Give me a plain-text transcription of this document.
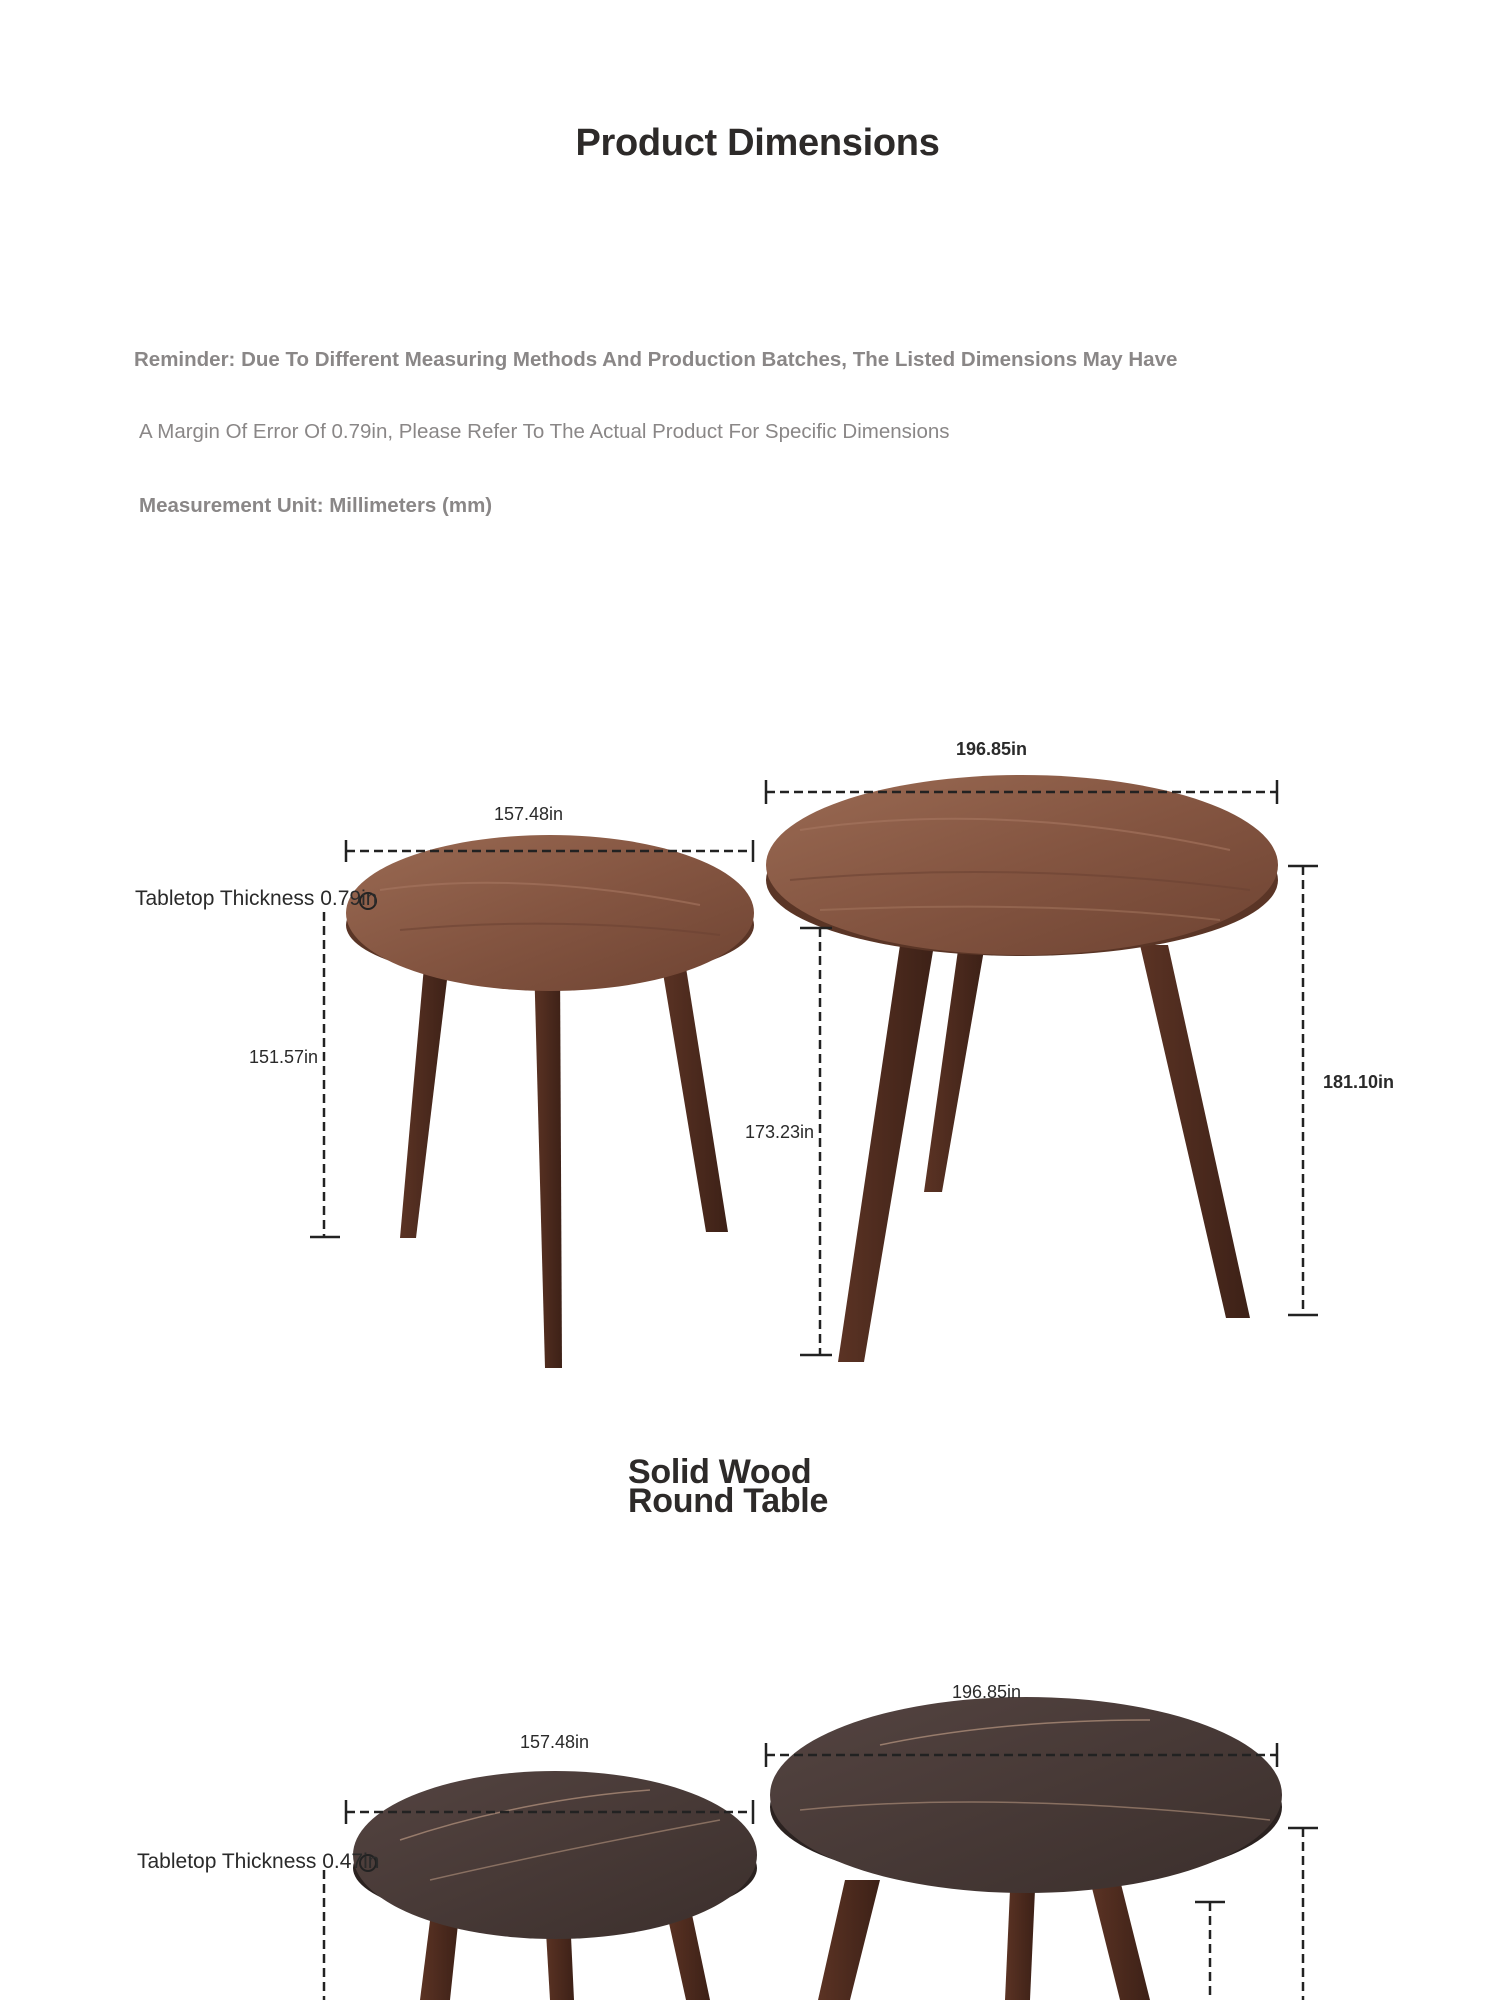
Product Dimensions
Reminder: Due To Different Measuring Methods And Production Batches, The Listed Dimensions May Have
A Margin Of Error Of 0.79in, Please Refer To The Actual Product For Specific Dimensions
Measurement Unit: Millimeters (mm)
196.85in
157.48in
Tabletop Thickness 0.79in
151.57in
173.23in
181.10in
Solid Wood
Round Table
196.85in
157.48in
Tabletop Thickness 0.47in
